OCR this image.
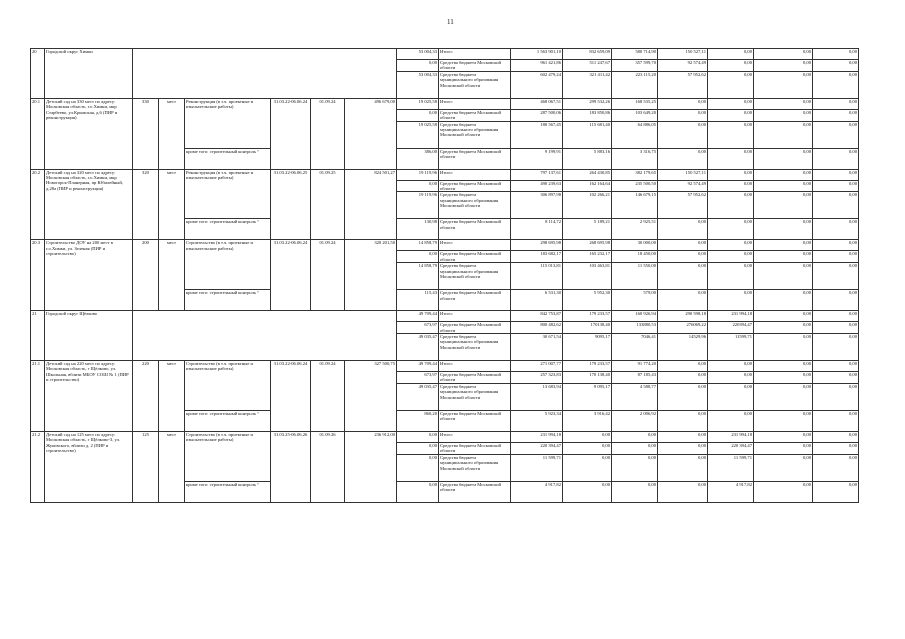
11
20	Городской округ Химки							53 004,33	Итого:	1 563 901,10	832 659,09	580 714,90	150 527,11	0,00	0,00	0,00
								0,00	Средства бюджета Московской области	961 421,86	511 247,67	357 599,70	92 574,49	0,00	0,00	0,00
								53 004,33	Средства бюджета муниципального образования Московской области	602 479,24	321 411,42	223 115,20	57 952,62	0,00	0,00	0,00
20.1	Детский сад на 330 мест по адресу: Московская область, г.о.Химки, мкр Старбеево, ул.Крымская, д.6 (ПИР и реконструкция)	330	мест	Реконструкция (в т.ч. проектные и изыскательские работы)	31.03.22-06.06.24	01.09.24	496 679,00	19 025,58	Итого:	468 067,51	299 532,26	168 535,25	0,00	0,00	0,00	0,00
								0,00	Средства бюджета Московской области	287 500,06	183 850,86	103 649,20	0,00	0,00	0,00	0,00
								19 025,58	Средства бюджета муниципального образования Московской области	180 567,45	115 681,40	64 886,05	0,00	0,00	0,00	0,00
				кроме того: строительный контроль ⁷				386,00	Средства бюджета Московской области	9 199,91	5 883,16	3 316,75	0,00	0,00	0,00	0,00
20.2	Детский сад на 320 мест по адресу: Московская область, г.о.Химки, мкр Новогорск-Планерная, пр Юбилейный, д.28а (ПИР и реконструкция)	320	мест	Реконструкция (в т.ч. проектные и изыскательские работы)	31.03.22-06.06.25	01.09.25	824 501,27	19 119,96	Итого:	797 137,61	264 430,85	382 179,65	150 527,11	0,00	0,00	0,00
								0,00	Средства бюджета Московской области	490 239,63	162 164,64	235 500,50	92 574,49	0,00	0,00	0,00
								19 119,96	Средства бюджета муниципального образования Московской области	306 897,98	102 266,21	146 679,15	57 952,62	0,00	0,00	0,00
				кроме того: строительный контроль ⁷				130,98	Средства бюджета Московской области	8 114,72	5 189,21	2 925,51	0,00	0,00	0,00	0,00
20.3	Строительство ДОУ на 200 мест в г.о.Химки, ул. Зеленая (ПИР и строительство)	200	мест	Строительство (в т.ч. проектные и изыскательские работы)	31.03.22-06.06.24	01.09.24	320 201,50	14 858,79	Итого:	298 695,98	268 695,98	30 000,00	0,00	0,00	0,00	0,00
								0,00	Средства бюджета Московской области	183 682,17	165 232,17	18 450,00	0,00	0,00	0,00	0,00
								14 858,79	Средства бюджета муниципального образования Московской области	115 013,81	103 463,81	11 550,00	0,00	0,00	0,00	0,00
				кроме того: строительный контроль ⁷				115,43	Средства бюджета Московской области	6 531,30	5 952,30	579,00	0,00	0,00	0,00	0,00
21	Городской округ Щёлково							49 709,44	Итого:	842 753,87	179 233,57	160 926,94	290 598,18	231 994,18	0,00	0,00
								673,97	Средства бюджета Московской области	800 482,62	170138,40	133880,53	276069,22	220394,47	0,00	0,00
								49 035,47	Средства бюджета муниципального образования Московской области	30 671,54	9095,17	7046,41	14529,96	11599,71	0,00	0,00
21.1	Детский сад на 220 мест по адресу: Московская область, г Щёлково, ул. Школьная, вблизи МБОУ СОШ № 1 (ПИР и строительство)	220	мест	Строительство (в т.ч. проектные и изыскательские работы)	31.03.22-06.06.24	01.09.24	327 500,75	49 709,44	Итого:	271 007,77	179 233,57	91 774,20	0,00	0,00	0,00	0,00
								673,97	Средства бюджета Московской области	257 323,83	170 138,40	87 185,43	0,00	0,00	0,00	0,00
								49 035,47	Средства бюджета муниципального образования Московской области	13 683,94	9 095,17	4 588,77	0,00	0,00	0,00	0,00
				кроме того: строительный контроль ⁷				860,20	Средства бюджета Московской области	5 923,34	3 916,42	2 006,92	0,00	0,00	0,00	0,00
21.2	Детский сад на 125 мест по адресу: Московская область, г Щёлково-3, ул. Жуковского, вблизи д. 2 (ПИР и строительство)	125	мест	Строительство (в т.ч. проектные и изыскательские работы)	31.03.25-06.06.26	01.09.26	236 912,00	0,00	Итого:	231 994,18	0,00	0,00	0,00	231 994,18	0,00	0,00
								0,00	Средства бюджета Московской области	220 394,47	0,00	0,00	0,00	220 394,47	0,00	0,00
								0,00	Средства бюджета муниципального образования Московской области	11 599,71	0,00	0,00	0,00	11 599,71	0,00	0,00
				кроме того: строительный контроль ⁷				0,00	Средства бюджета Московской области	4 917,82	0,00	0,00	0,00	4 917,82	0,00	0,00
